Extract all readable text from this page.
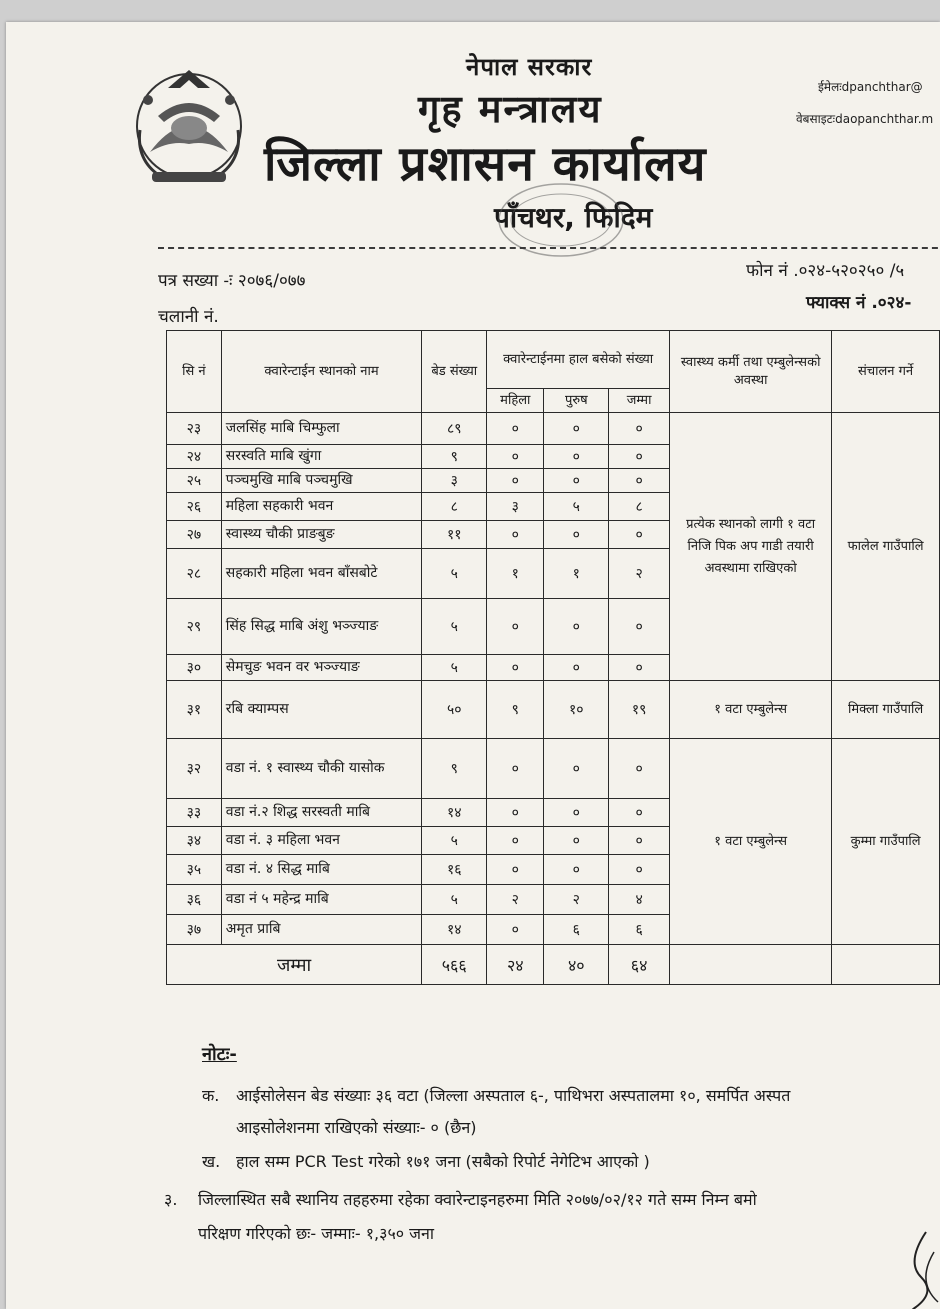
नेपाल सरकार
गृह मन्त्रालय
जिल्ला प्रशासन कार्यालय
पाँचथर, फिदिम
ईमेलःdpanchthar@
वेबसाइटःdaopanchthar.m
पत्र सख्या -ः २०७६/०७७
चलानी नं.
फोन नं .०२४-५२०२५० /५
फ्याक्स नं .०२४-
सि नं	क्वारेन्टाईन स्थानको नाम	बेड संख्या	क्वारेन्टाईनमा हाल बसेको संख्या			स्वास्थ्य कर्मी तथा एम्बुलेन्सको अवस्था	संचालन गर्ने
			महिला	पुरुष	जम्मा		
२३	जलसिंह माबि चिम्फुला	८९	०	०	०	प्रत्येक स्थानको लागी १ वटा निजि पिक अप गाडी तयारी अवस्थामा राखिएको	फालेल गाउँपालि
२४	सरस्वति माबि खुंगा	९	०	०	०		
२५	पञ्चमुखि माबि पञ्चमुखि	३	०	०	०		
२६	महिला सहकारी भवन	८	३	५	८		
२७	स्वास्थ्य चौकी प्राङबुङ	११	०	०	०		
२८	सहकारी महिला भवन बाँसबोटे	५	१	१	२		
२९	सिंह सिद्ध माबि अंशु भञ्ज्याङ	५	०	०	०		
३०	सेमचुङ भवन वर भञ्ज्याङ	५	०	०	०		
३१	रबि क्याम्पस	५०	९	१०	१९	१ वटा एम्बुलेन्स	मिक्ला गाउँपालि
३२	वडा नं. १ स्वास्थ्य चौकी यासोक	९	०	०	०	१ वटा एम्बुलेन्स	कुम्मा गाउँपालि
३३	वडा नं.२ शिद्ध सरस्वती माबि	१४	०	०	०		
३४	वडा नं. ३ महिला भवन	५	०	०	०		
३५	वडा नं. ४ सिद्ध माबि	१६	०	०	०		
३६	वडा नं ५ महेन्द्र माबि	५	२	२	४		
३७	अमृत प्राबि	१४	०	६	६		
जम्मा		५६६	२४	४०	६४		
नोटः-
क. आईसोलेसन बेड संख्याः ३६ वटा (जिल्ला अस्पताल ६-, पाथिभरा अस्पतालमा १०, समर्पित अस्पत
आइसोलेशनमा राखिएको संख्याः- ० (छैन)
ख. हाल सम्म PCR Test गरेको १७१ जना (सबैको रिपोर्ट नेगेटिभ आएको )
३. जिल्लास्थित सबै स्थानिय तहहरुमा रहेका क्वारेन्टाइनहरुमा मिति २०७७/०२/१२ गते सम्म निम्न बमो
परिक्षण गरिएको छः- जम्माः- १,३५० जना
